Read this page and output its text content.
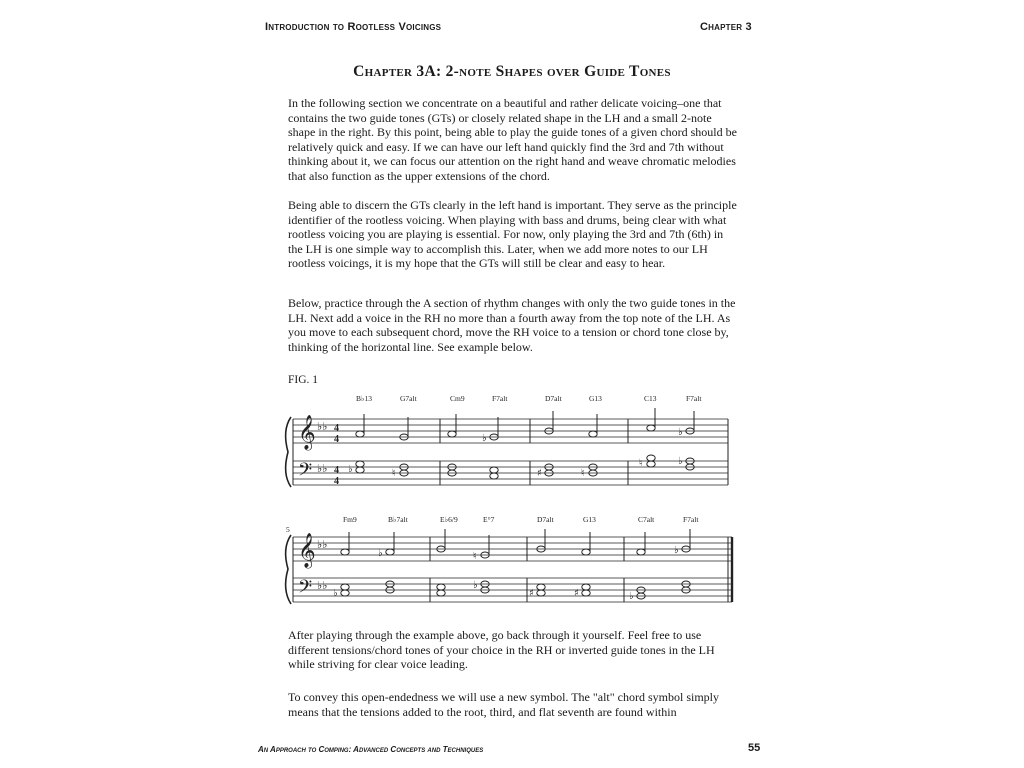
Introduction to Rootless Voicings	Chapter 3
Chapter 3A: 2-note Shapes over Guide Tones

In the following section we concentrate on a beautiful and rather delicate voicing–one that contains the two guide tones (GTs) or closely related shape in the LH and a small 2-note shape in the right. By this point, being able to play the guide tones of a given chord should be relatively quick and easy. If we can have our left hand quickly find the 3rd and 7th without thinking about it, we can focus our attention on the right hand and weave chromatic melodies that also function as the upper extensions of the chord.

Being able to discern the GTs clearly in the left hand is important. They serve as the principle identifier of the rootless voicing. When playing with bass and drums, being clear with what rootless voicing you are playing is essential. For now, only playing the 3rd and 7th (6th) in the LH is one simple way to accomplish this. Later, when we add more notes to our LH rootless voicings, it is my hope that the GTs will still be clear and easy to hear.

Below, practice through the A section of rhythm changes with only the two guide tones in the LH. Next add a voice in the RH no more than a fourth away from the top note of the LH. As you move to each subsequent chord, move the RH voice to a tension or chord tone close by, thinking of the horizontal line. See example below.

FIG. 1
𝄞
𝄢
♭♭
♭♭
4
4
4
4
B♭13	G7alt	Cm9	F7alt	D7alt	G13	C13	F7alt
♭
♭	♮	♯	♮
♮	♭
♭
5
𝄞
𝄢
♭♭
♭♭
Fm9	B♭7alt	E♭6/9	E°7	D7alt	G13	C7alt	F7alt
♭	♮
♭
♭
♭
♯	♯	♭

After playing through the example above, go back through it yourself. Feel free to use different tensions/chord tones of your choice in the RH or inverted guide tones in the LH while striving for clear voice leading.

To convey this open-endedness we will use a new symbol. The "alt" chord symbol simply means that the tensions added to the root, third, and flat seventh are found within

An Approach to Comping: Advanced Concepts and Techniques	55
